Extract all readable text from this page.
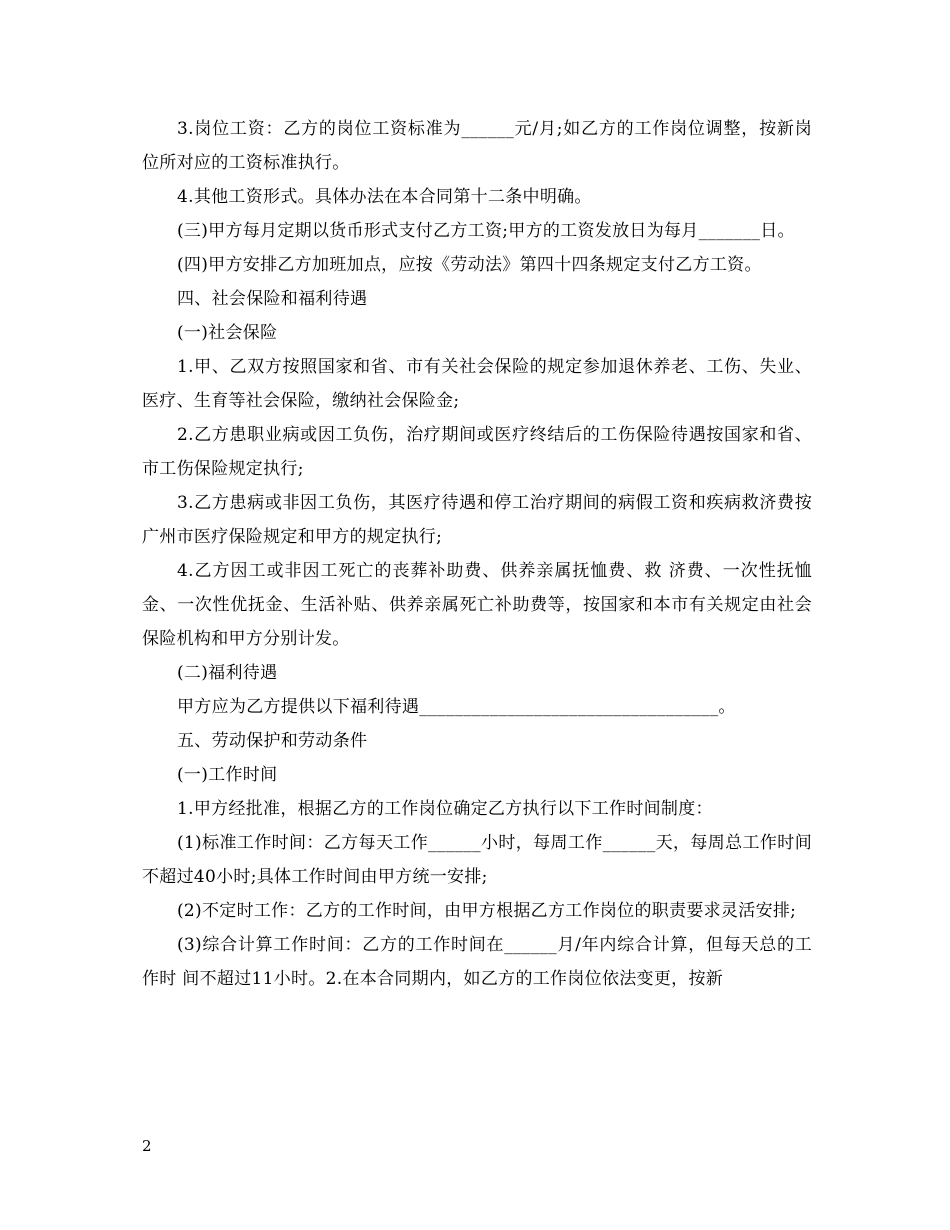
3.岗位工资：乙方的岗位工资标准为______元/月;如乙方的工作岗位调整，按新岗位所对应的工资标准执行。

4.其他工资形式。具体办法在本合同第十二条中明确。

(三)甲方每月定期以货币形式支付乙方工资;甲方的工资发放日为每月_______日。

(四)甲方安排乙方加班加点，应按《劳动法》第四十四条规定支付乙方工资。

四、社会保险和福利待遇

(一)社会保险

1.甲、乙双方按照国家和省、市有关社会保险的规定参加退休养老、工伤、失业、医疗、生育等社会保险，缴纳社会保险金;

2.乙方患职业病或因工负伤，治疗期间或医疗终结后的工伤保险待遇按国家和省、市工伤保险规定执行;

3.乙方患病或非因工负伤，其医疗待遇和停工治疗期间的病假工资和疾病救济费按广州市医疗保险规定和甲方的规定执行;

4.乙方因工或非因工死亡的丧葬补助费、供养亲属抚恤费、救 济费、一次性抚恤金、一次性优抚金、生活补贴、供养亲属死亡补助费等，按国家和本市有关规定由社会保险机构和甲方分别计发。

(二)福利待遇

甲方应为乙方提供以下福利待遇__________________________________。

五、劳动保护和劳动条件

(一)工作时间

1.甲方经批准，根据乙方的工作岗位确定乙方执行以下工作时间制度：

(1)标准工作时间：乙方每天工作______小时，每周工作______天，每周总工作时间不超过40小时;具体工作时间由甲方统一安排;

(2)不定时工作：乙方的工作时间，由甲方根据乙方工作岗位的职责要求灵活安排;

(3)综合计算工作时间：乙方的工作时间在______月/年内综合计算，但每天总的工作时 间不超过11小时。2.在本合同期内，如乙方的工作岗位依法变更，按新

2
